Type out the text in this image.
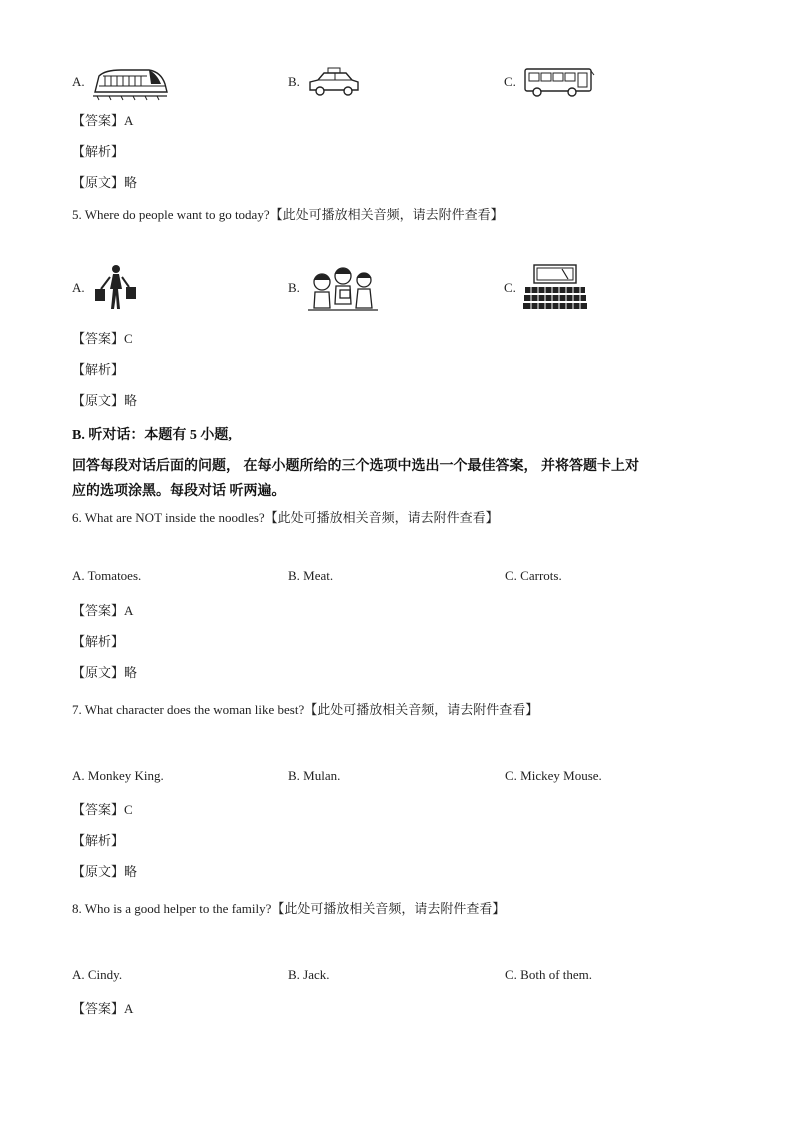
A.	B.	C.
【答案】A
【解析】
【原文】略
5. Where do people want to go today?【此处可播放相关音频，请去附件查看】
A.	B.	C.
【答案】C
【解析】
【原文】略
B. 听对话：本题有 5 小题,
回答每段对话后面的问题， 在每小题所给的三个选项中选出一个最佳答案， 并将答题卡上对
应的选项涂黑。每段对话 听两遍。
6. What are NOT inside the noodles?【此处可播放相关音频，请去附件查看】
A. Tomatoes.	B. Meat.	C. Carrots.
【答案】A
【解析】
【原文】略
7. What character does the woman like best?【此处可播放相关音频，请去附件查看】
A. Monkey King.	B. Mulan.	C. Mickey Mouse.
【答案】C
【解析】
【原文】略
8. Who is a good helper to the family?【此处可播放相关音频，请去附件查看】
A. Cindy.	B. Jack.	C. Both of them.
【答案】A
